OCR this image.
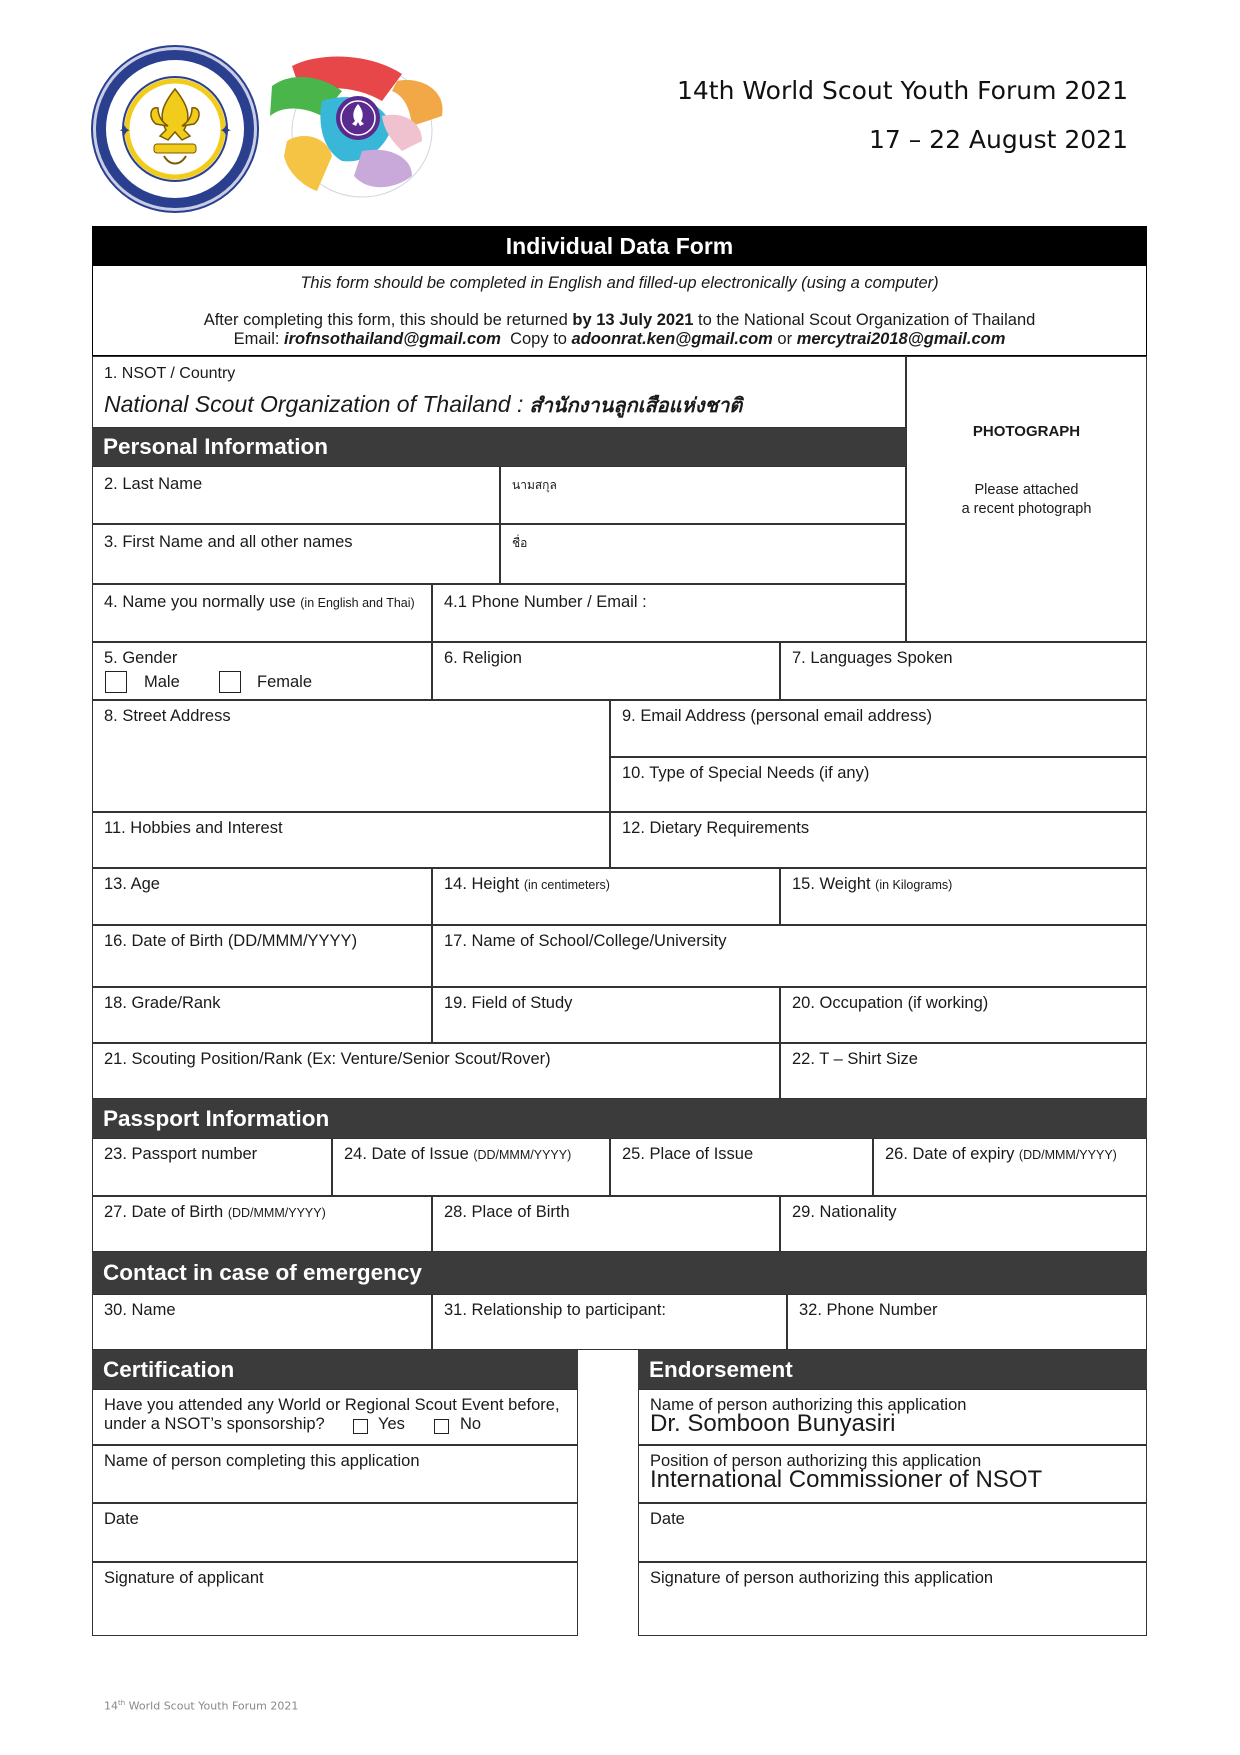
✦	✦
14th World Scout Youth Forum 2021
17 – 22 August 2021
Individual Data Form
This form should be completed in English and filled-up electronically (using a computer)
After completing this form, this should be returned by 13 July 2021 to the National Scout Organization of Thailand
Email: irofnsothailand@gmail.com  Copy to adoonrat.ken@gmail.com or mercytrai2018@gmail.com
1. NSOT / Country
National Scout Organization of Thailand : สำนักงานลูกเสือแห่งชาติ
PHOTOGRAPH
Please attached
a recent photograph
Personal Information
2. Last Name	นามสกุล
3. First Name and all other names	ชื่อ
4. Name you normally use (in English and Thai) 4.1 Phone Number / Email :
5. Gender
Male	Female
6. Religion	7. Languages Spoken
8. Street Address	9. Email Address (personal email address)
10. Type of Special Needs (if any)
11. Hobbies and Interest	12. Dietary Requirements
13. Age	14. Height (in centimeters)	15. Weight (in Kilograms)
16. Date of Birth (DD/MMM/YYYY)	17. Name of School/College/University
18. Grade/Rank	19. Field of Study	20. Occupation (if working)
21. Scouting Position/Rank (Ex: Venture/Senior Scout/Rover)	22. T – Shirt Size
Passport Information
23. Passport number	24. Date of Issue (DD/MMM/YYYY)	25. Place of Issue	26. Date of expiry (DD/MMM/YYYY)
27. Date of Birth (DD/MMM/YYYY)	28. Place of Birth	29. Nationality
Contact in case of emergency
30. Name	31. Relationship to participant:	32. Phone Number
Certification
Have you attended any World or Regional Scout Event before,
under a NSOT’s sponsorship?	Yes	No
Name of person completing this application
Date
Signature of applicant
Endorsement
Name of person authorizing this application
Dr. Somboon Bunyasiri
Position of person authorizing this application
International Commissioner of NSOT
Date
Signature of person authorizing this application
14th World Scout Youth Forum 2021
